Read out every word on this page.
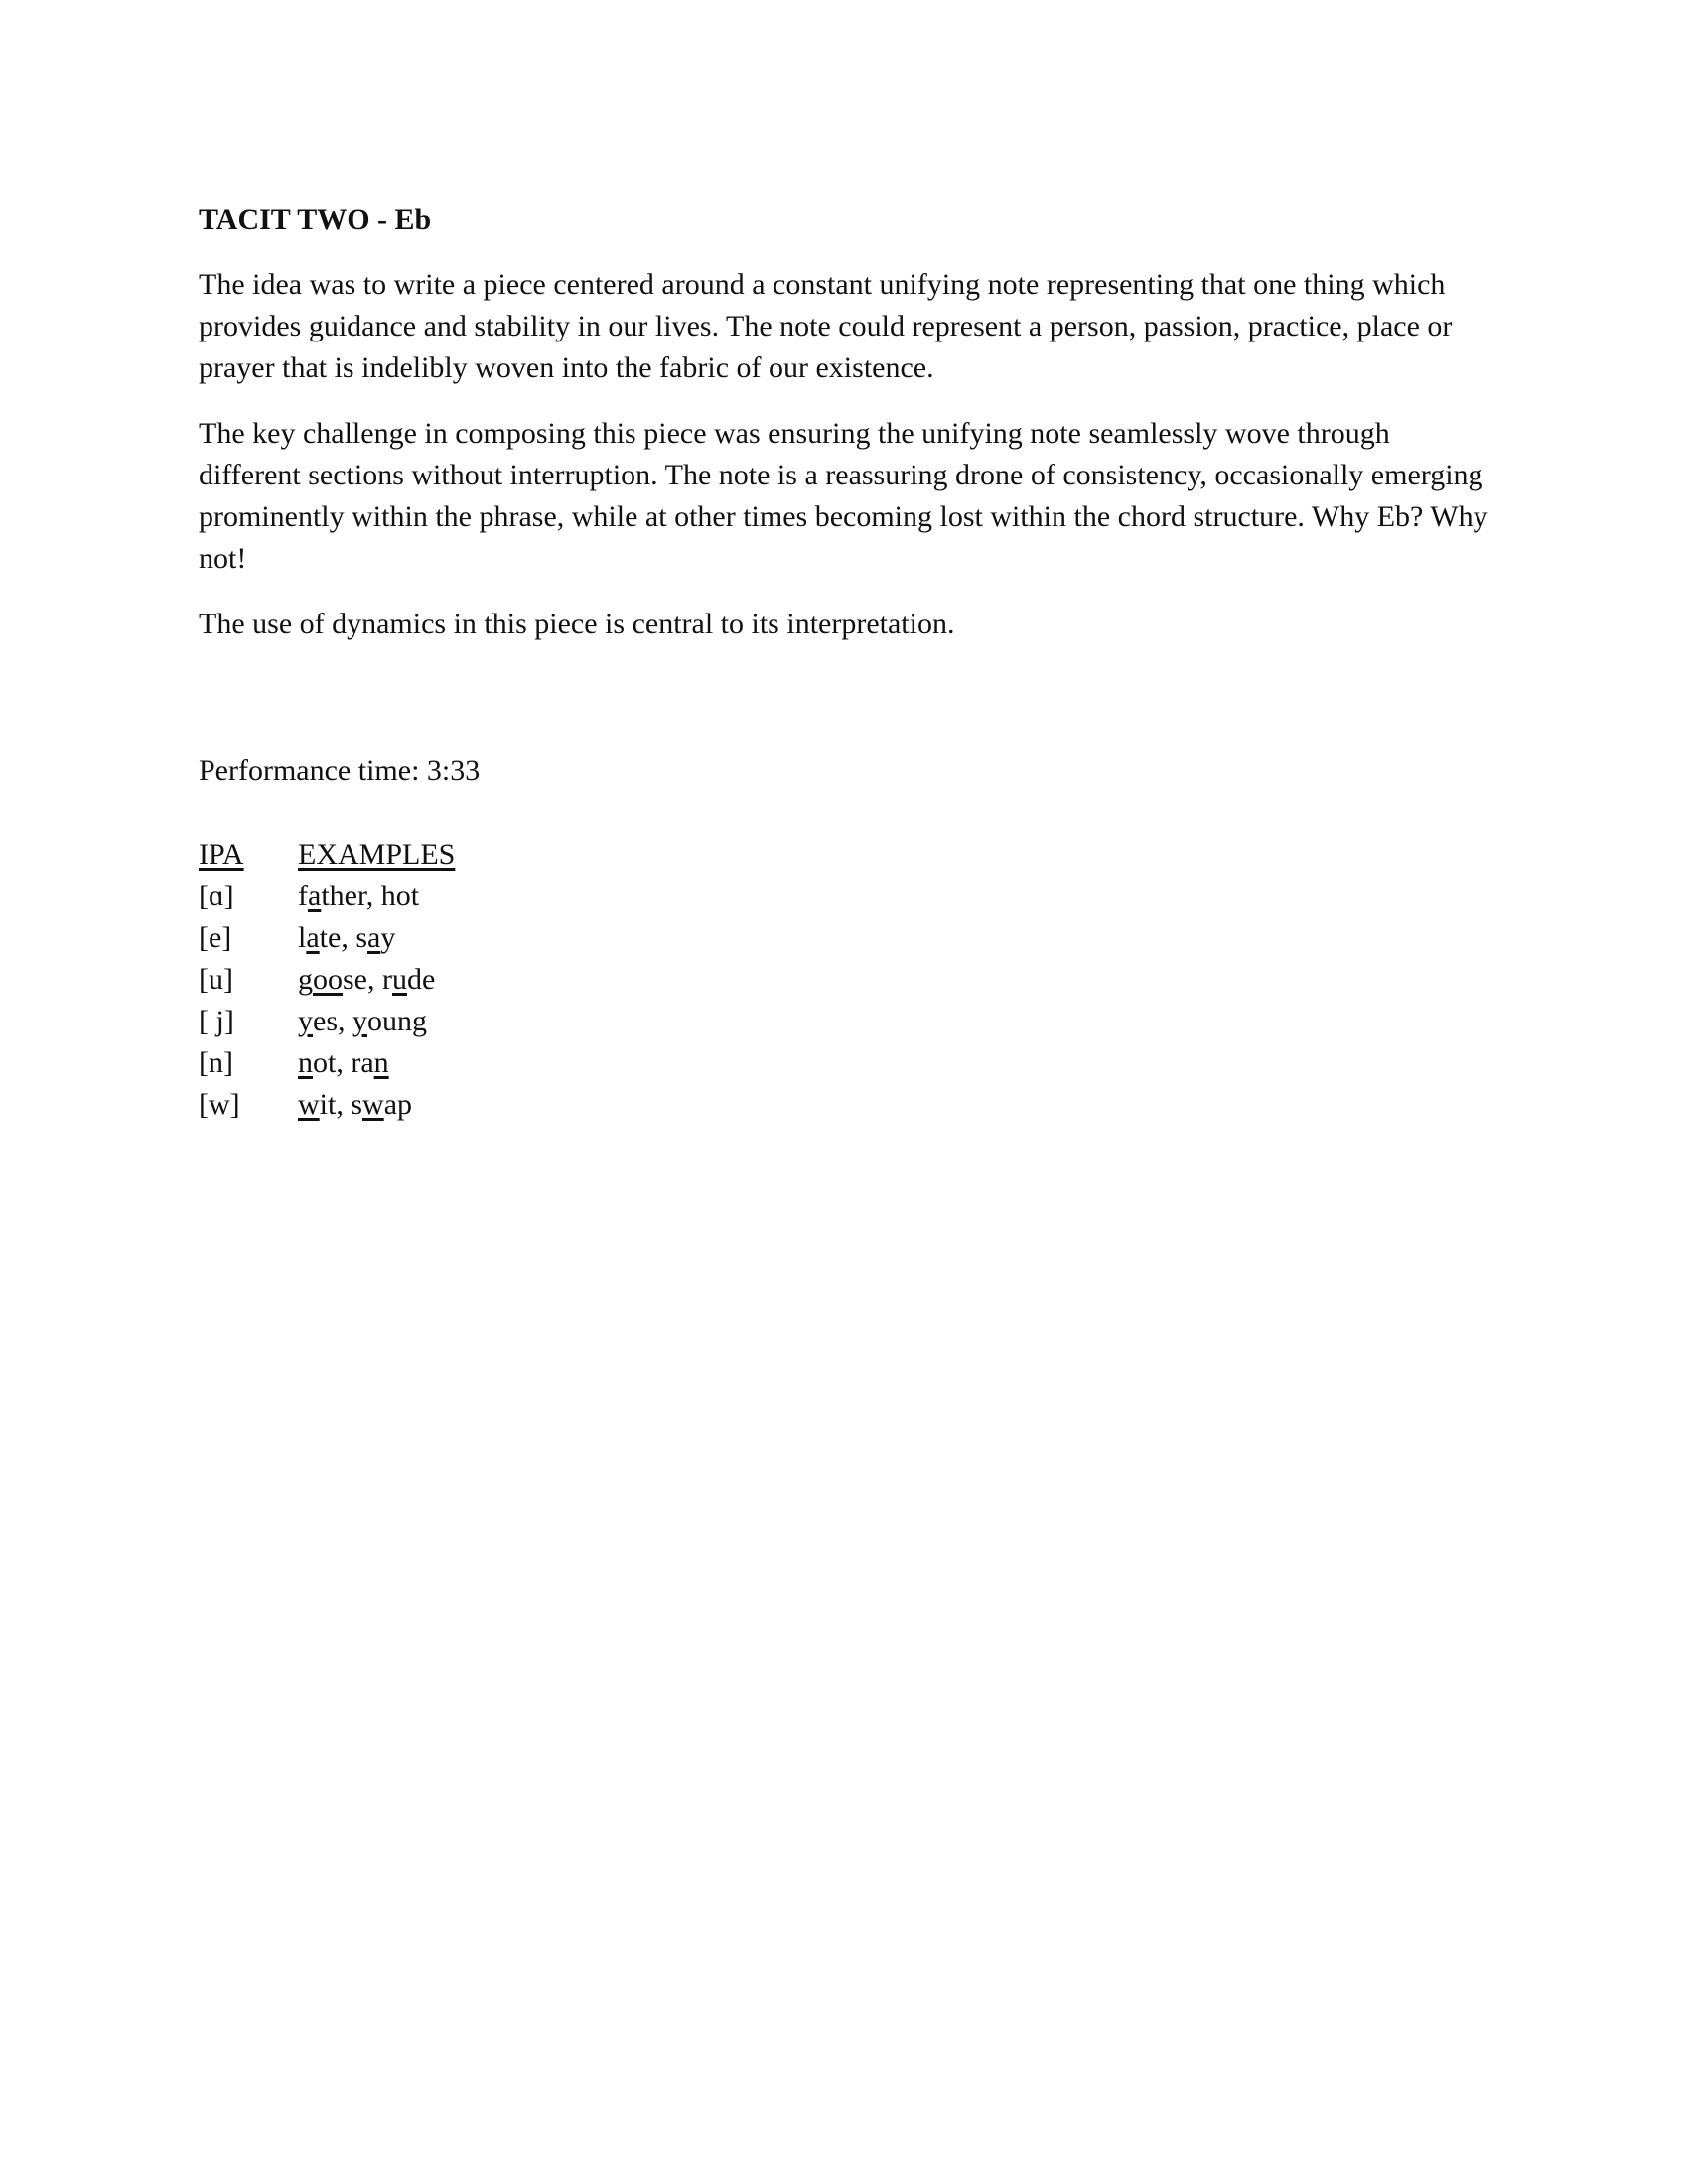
TACIT TWO - Eb

The idea was to write a piece centered around a constant unifying note representing that one thing which provides guidance and stability in our lives. The note could represent a person, passion, practice, place or prayer that is indelibly woven into the fabric of our existence.

The key challenge in composing this piece was ensuring the unifying note seamlessly wove through different sections without interruption. The note is a reassuring drone of consistency, occasionally emerging prominently within the phrase, while at other times becoming lost within the chord structure. Why Eb? Why not!

The use of dynamics in this piece is central to its interpretation.

Performance time: 3:33

IPA	EXAMPLES
[ɑ]	father, hot
[e]	late, say
[u]	goose, rude
[ j]	yes, young
[n]	not, ran
[w]	wit, swap
